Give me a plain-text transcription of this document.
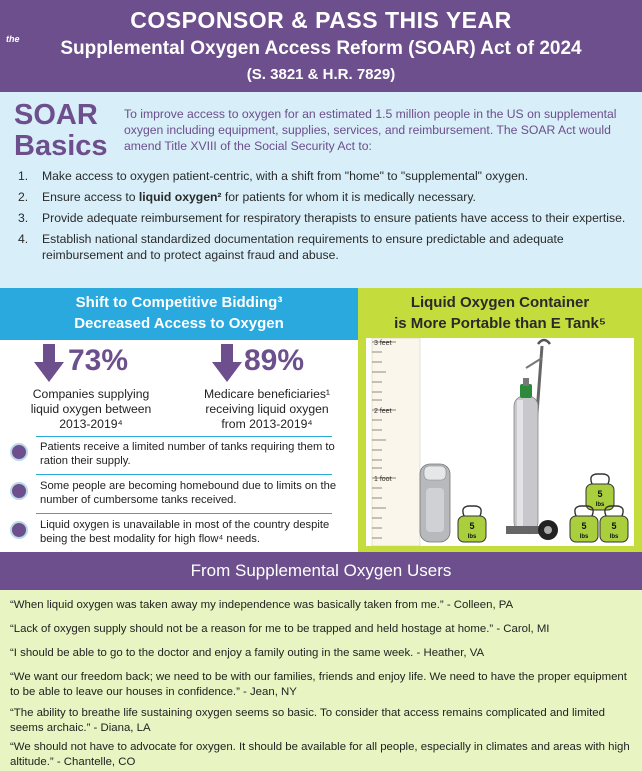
COSPONSOR & PASS THIS YEAR
the	Supplemental Oxygen Access Reform (SOAR) Act of 2024
(S. 3821 & H.R. 7829)
SOAR
Basics
To improve access to oxygen for an estimated 1.5 million people in the US on supplemental oxygen including equipment, supplies, services, and reimbursement. The SOAR Act would amend Title XVIII of the Social Security Act to:
1. Make access to oxygen patient-centric, with a shift from "home" to "supplemental" oxygen.
2. Ensure access to liquid oxygen² for patients for whom it is medically necessary.
3. Provide adequate reimbursement for respiratory therapists to ensure patients have access to their expertise.
4. Establish national standardized documentation requirements to ensure predictable and adequate reimbursement and to protect against fraud and abuse.
Shift to Competitive Bidding³
Decreased Access to Oxygen
73%
Companies supplying
liquid oxygen between
2013-2019⁴
89%
Medicare beneficiaries¹
receiving liquid oxygen
from 2013-2019⁴
Patients receive a limited number of tanks requiring them to ration their supply.
Some people are becoming homebound due to limits on the number of cumbersome tanks received.
Liquid oxygen is unavailable in most of the country despite being the best modality for high flow⁴ needs.
Liquid Oxygen Container
is More Portable than E Tank⁵
3 feet
2 feet
1 foot
5
lbs
5
lbs
5
lbs
5
lbs
From Supplemental Oxygen Users
“When liquid oxygen was taken away my independence was basically taken from me.” - Colleen, PA
“Lack of oxygen supply should not be a reason for me to be trapped and held hostage at home.” - Carol, MI
“I should be able to go to the doctor and enjoy a family outing in the same week. - Heather, VA
“We want our freedom back; we need to be with our families, friends and enjoy life. We need to have the proper equipment to be able to leave our houses in confidence.” - Jean, NY
“The ability to breathe life sustaining oxygen seems so basic. To consider that access remains complicated and limited seems archaic.” - Diana, LA
“We should not have to advocate for oxygen. It should be available for all people, especially in climates and areas with high altitude.” - Chantelle, CO
